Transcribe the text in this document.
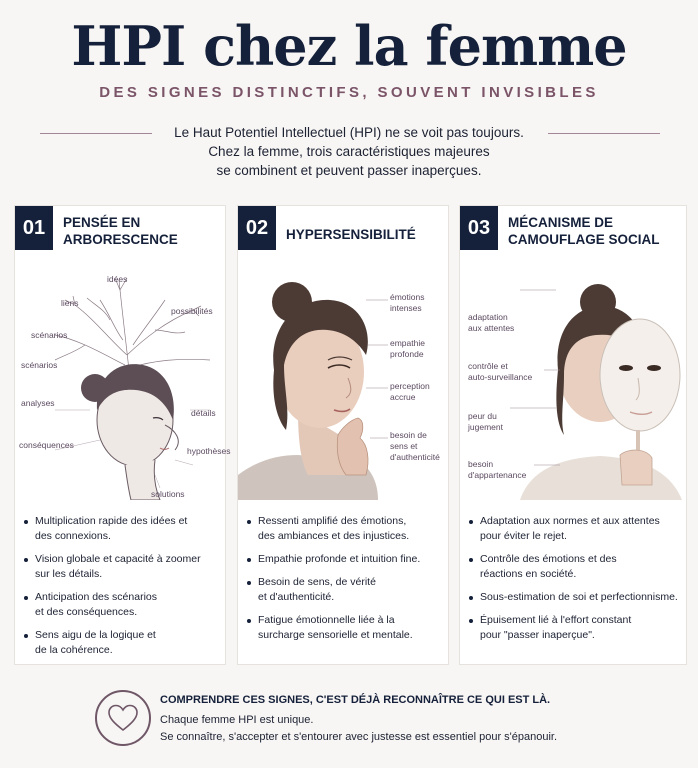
HPI chez la femme
DES SIGNES DISTINCTIFS, SOUVENT INVISIBLES
Le Haut Potentiel Intellectuel (HPI) ne se voit pas toujours.
Chez la femme, trois caractéristiques majeures
se combinent et peuvent passer inaperçues.
01	PENSÉE EN
ARBORESCENCE
idées
liens
possibilités
scénarios
scénarios
analyses
détails
conséquences
hypothèses
solutions
Multiplication rapide des idées et
des connexions.
Vision globale et capacité à zoomer
sur les détails.
Anticipation des scénarios
et des conséquences.
Sens aigu de la logique et
de la cohérence.
02	HYPERSENSIBILITÉ
émotions
intenses
empathie
profonde
perception
accrue
besoin de
sens et
d'authenticité
Ressenti amplifié des émotions,
des ambiances et des injustices.
Empathie profonde et intuition fine.
Besoin de sens, de vérité
et d'authenticité.
Fatigue émotionnelle liée à la
surcharge sensorielle et mentale.
03	MÉCANISME DE
CAMOUFLAGE SOCIAL
adaptation
aux attentes
contrôle et
auto-surveillance
peur du
jugement
besoin
d'appartenance
Adaptation aux normes et aux attentes
pour éviter le rejet.
Contrôle des émotions et des
réactions en société.
Sous-estimation de soi et perfectionnisme.
Épuisement lié à l'effort constant
pour "passer inaperçue".
COMPRENDRE CES SIGNES, C'EST DÉJÀ RECONNAÎTRE CE QUI EST LÀ.
Chaque femme HPI est unique.
Se connaître, s'accepter et s'entourer avec justesse est essentiel pour s'épanouir.
